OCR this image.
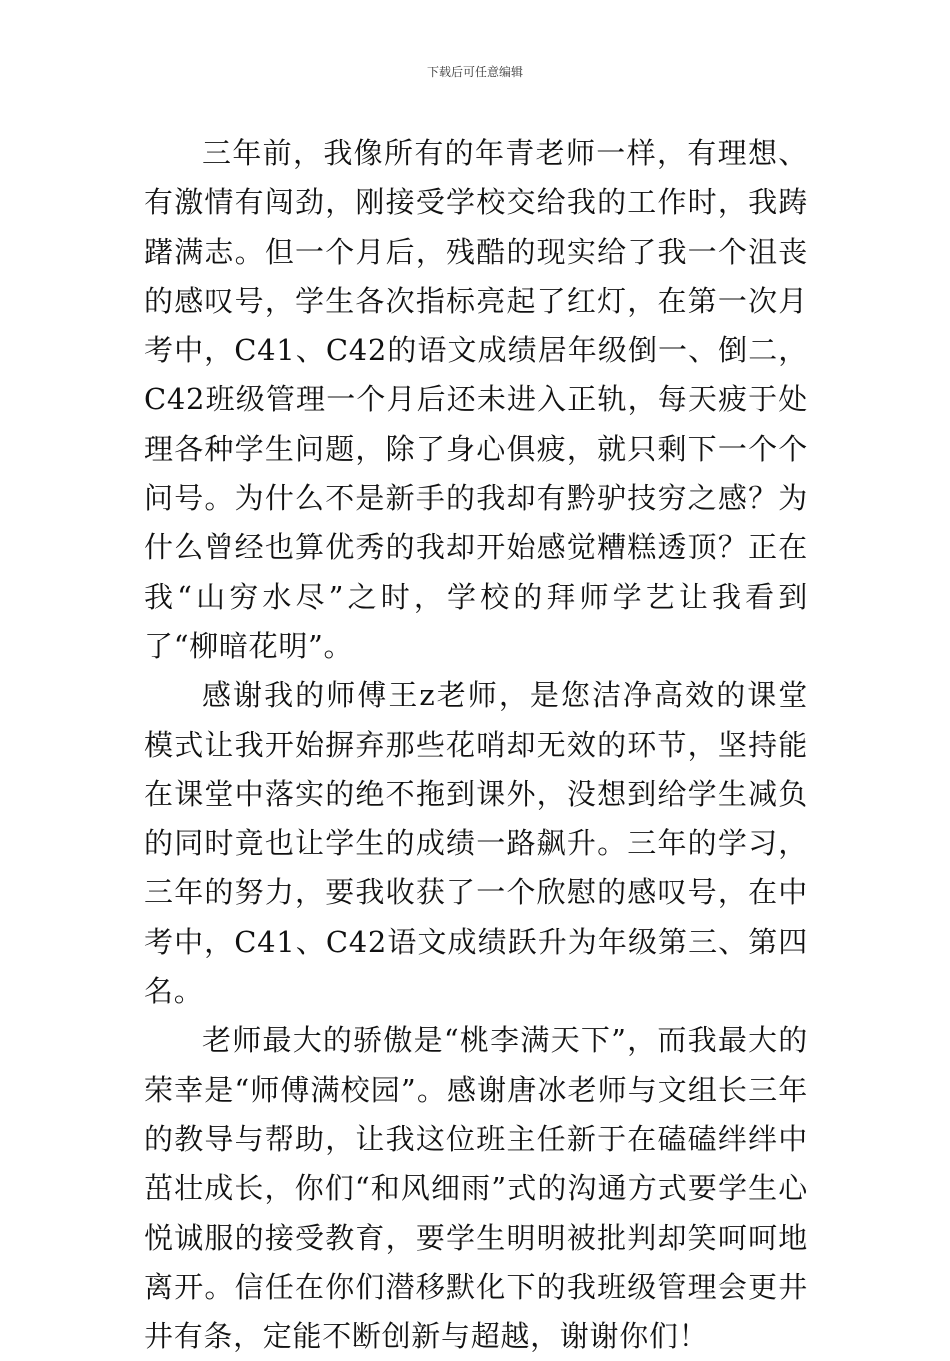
下载后可任意编辑

三年前，我像所有的年青老师一样，有理想、有激情有闯劲，刚接受学校交给我的工作时，我踌躇满志。但一个月后，残酷的现实给了我一个沮丧的感叹号，学生各次指标亮起了红灯，在第一次月考中，C41、C42的语文成绩居年级倒一、倒二，C42班级管理一个月后还未进入正轨，每天疲于处理各种学生问题，除了身心俱疲，就只剩下一个个问号。为什么不是新手的我却有黔驴技穷之感？为什么曾经也算优秀的我却开始感觉糟糕透顶？正在我“山穷水尽”之时，学校的拜师学艺让我看到了“柳暗花明”。

感谢我的师傅王z老师，是您洁净高效的课堂模式让我开始摒弃那些花哨却无效的环节，坚持能在课堂中落实的绝不拖到课外，没想到给学生减负的同时竟也让学生的成绩一路飙升。三年的学习，三年的努力，要我收获了一个欣慰的感叹号，在中考中，C41、C42语文成绩跃升为年级第三、第四名。

老师最大的骄傲是“桃李满天下”，而我最大的荣幸是“师傅满校园”。感谢唐冰老师与文组长三年的教导与帮助，让我这位班主任新于在磕磕绊绊中茁壮成长，你们“和风细雨”式的沟通方式要学生心悦诚服的接受教育，要学生明明被批判却笑呵呵地离开。信任在你们潜移默化下的我班级管理会更井井有条，定能不断创新与超越，谢谢你们！
